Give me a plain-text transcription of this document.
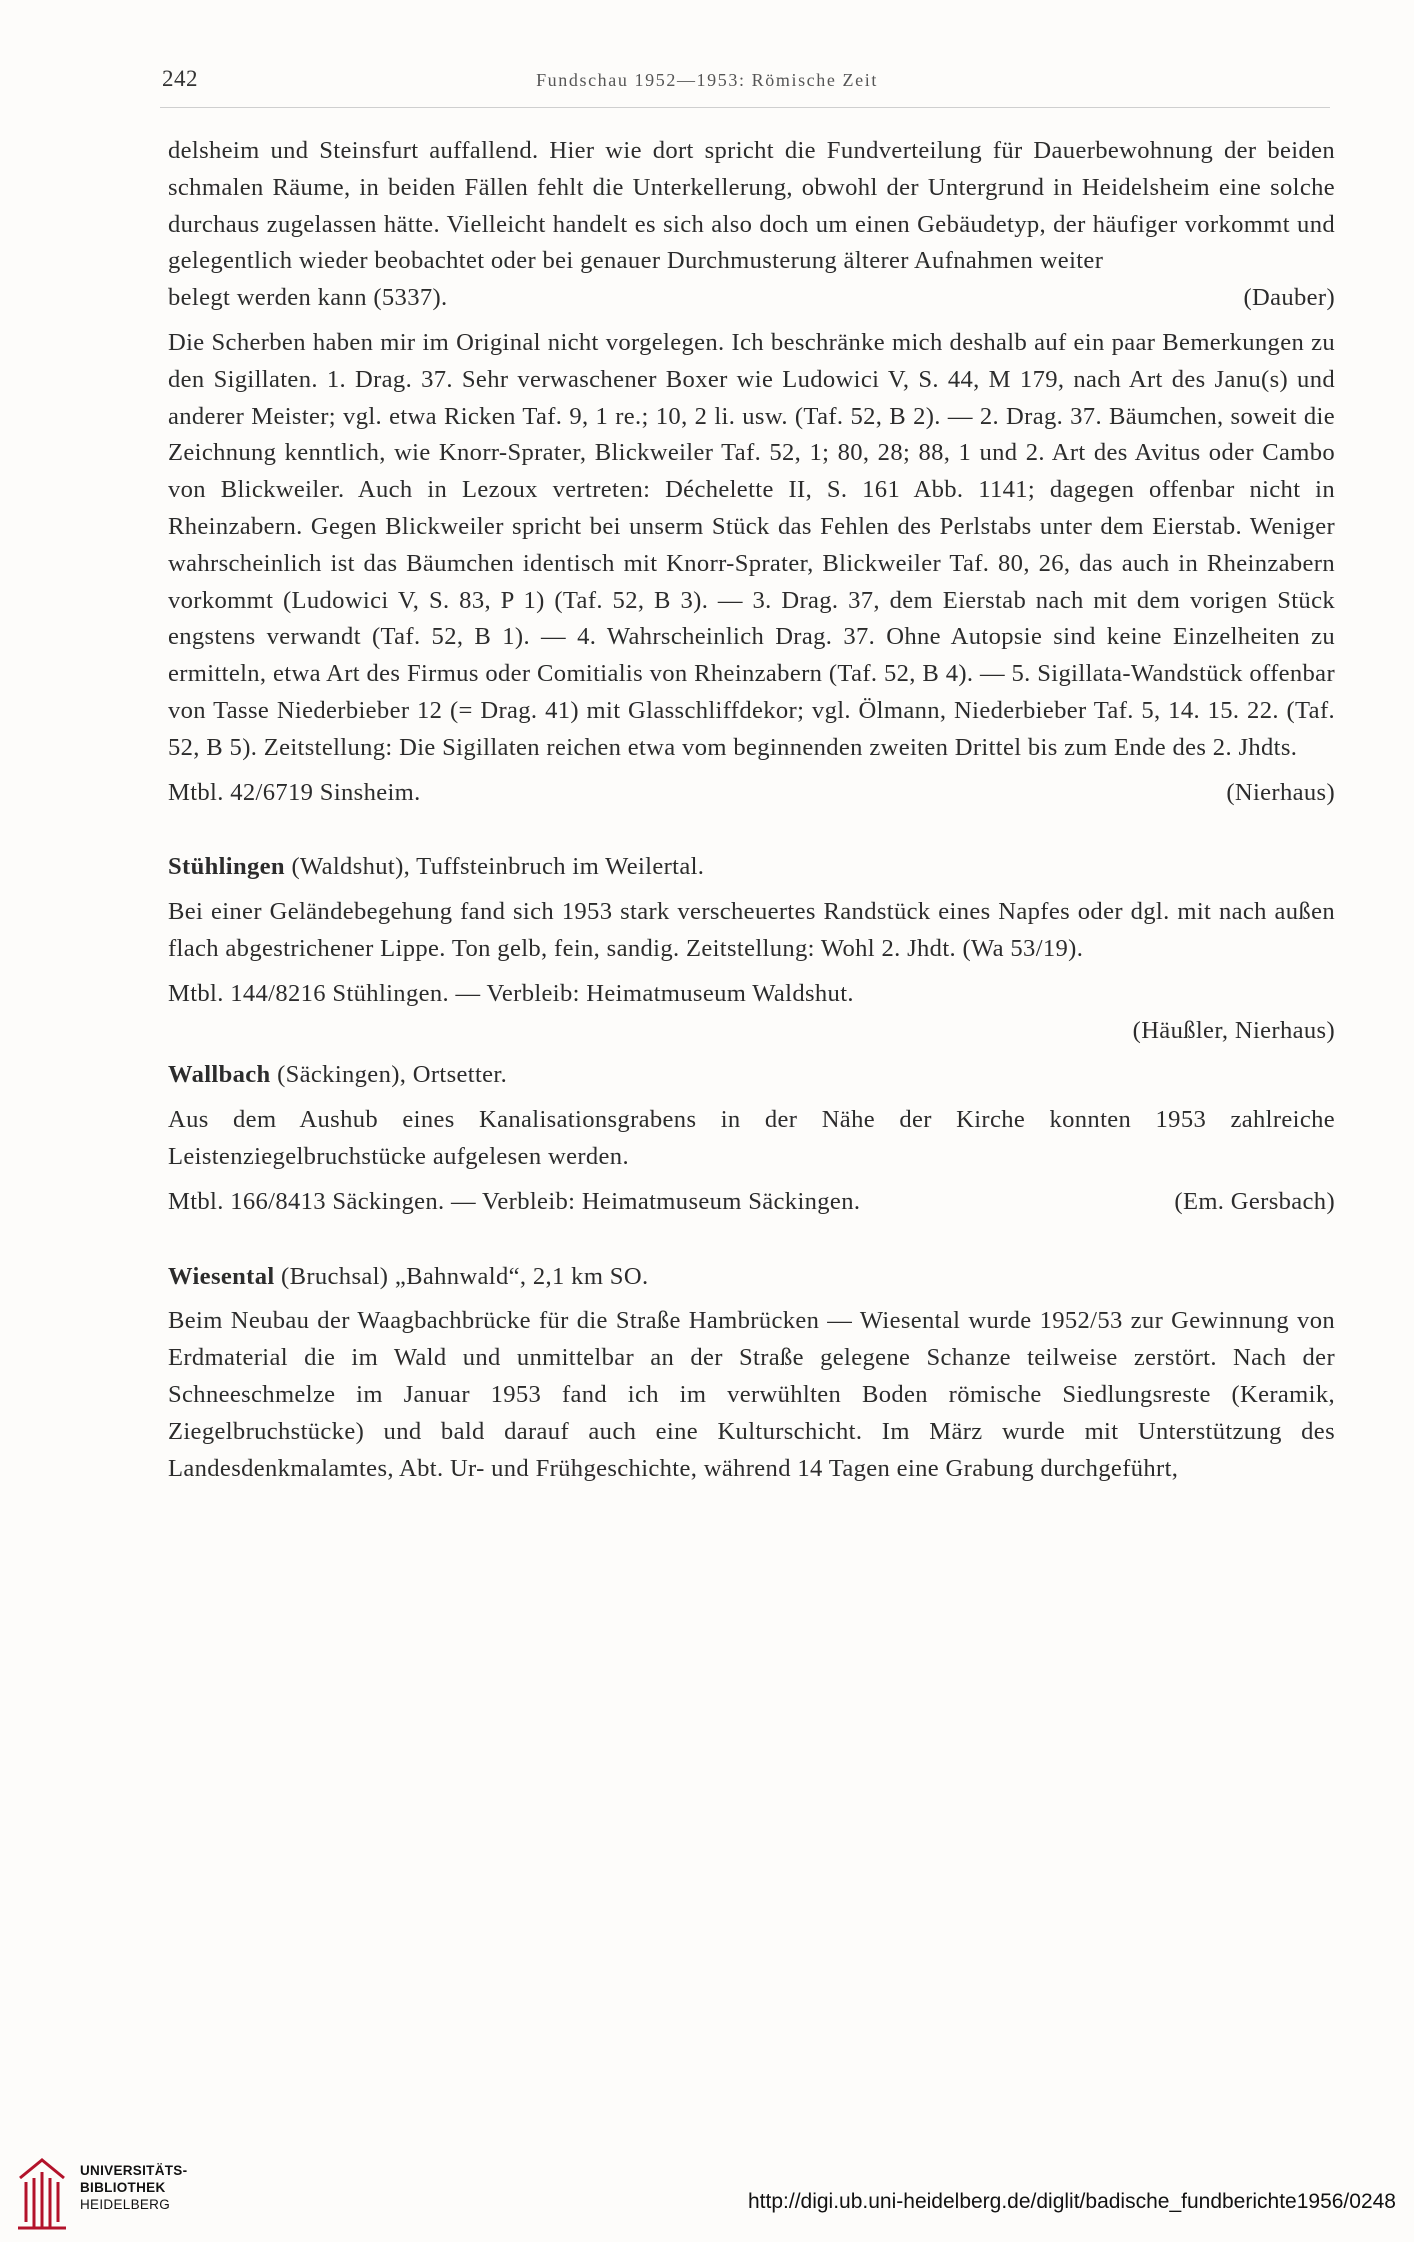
242	Fundschau 1952—1953: Römische Zeit

delsheim und Steinsfurt auffallend. Hier wie dort spricht die Fundverteilung für Dauerbewohnung der beiden schmalen Räume, in beiden Fällen fehlt die Unterkellerung, obwohl der Untergrund in Heidelsheim eine solche durchaus zugelassen hätte. Vielleicht handelt es sich also doch um einen Gebäudetyp, der häufiger vorkommt und gelegentlich wieder beobachtet oder bei genauer Durchmusterung älterer Aufnahmen weiter

belegt werden kann (5337).	(Dauber)

Die Scherben haben mir im Original nicht vorgelegen. Ich beschränke mich deshalb auf ein paar Bemerkungen zu den Sigillaten. 1. Drag. 37. Sehr verwaschener Boxer wie Ludowici V, S. 44, M 179, nach Art des Janu(s) und anderer Meister; vgl. etwa Ricken Taf. 9, 1 re.; 10, 2 li. usw. (Taf. 52, B 2). — 2. Drag. 37. Bäumchen, soweit die Zeichnung kenntlich, wie Knorr-Sprater, Blickweiler Taf. 52, 1; 80, 28; 88, 1 und 2. Art des Avitus oder Cambo von Blickweiler. Auch in Lezoux vertreten: Déchelette II, S. 161 Abb. 1141; dagegen offenbar nicht in Rheinzabern. Gegen Blickweiler spricht bei unserm Stück das Fehlen des Perlstabs unter dem Eierstab. Weniger wahrscheinlich ist das Bäumchen identisch mit Knorr-Sprater, Blickweiler Taf. 80, 26, das auch in Rheinzabern vorkommt (Ludowici V, S. 83, P 1) (Taf. 52, B 3). — 3. Drag. 37, dem Eierstab nach mit dem vorigen Stück engstens verwandt (Taf. 52, B 1). — 4. Wahrscheinlich Drag. 37. Ohne Autopsie sind keine Einzelheiten zu ermitteln, etwa Art des Firmus oder Comitialis von Rheinzabern (Taf. 52, B 4). — 5. Sigillata-Wandstück offenbar von Tasse Niederbieber 12 (= Drag. 41) mit Glasschliffdekor; vgl. Ölmann, Niederbieber Taf. 5, 14. 15. 22. (Taf. 52, B 5). Zeitstellung: Die Sigillaten reichen etwa vom beginnenden zweiten Drittel bis zum Ende des 2. Jhdts.

Mtbl. 42/6719 Sinsheim.	(Nierhaus)

Stühlingen (Waldshut), Tuffsteinbruch im Weilertal.

Bei einer Geländebegehung fand sich 1953 stark verscheuertes Randstück eines Napfes oder dgl. mit nach außen flach abgestrichener Lippe. Ton gelb, fein, sandig. Zeitstellung: Wohl 2. Jhdt. (Wa 53/19).

Mtbl. 144/8216 Stühlingen. — Verbleib: Heimatmuseum Waldshut.

(Häußler, Nierhaus)

Wallbach (Säckingen), Ortsetter.

Aus dem Aushub eines Kanalisationsgrabens in der Nähe der Kirche konnten 1953 zahlreiche Leistenziegelbruchstücke aufgelesen werden.

Mtbl. 166/8413 Säckingen. — Verbleib: Heimatmuseum Säckingen.	(Em. Gersbach)

Wiesental (Bruchsal) „Bahnwald“, 2,1 km SO.

Beim Neubau der Waagbachbrücke für die Straße Hambrücken — Wiesental wurde 1952/53 zur Gewinnung von Erdmaterial die im Wald und unmittelbar an der Straße gelegene Schanze teilweise zerstört. Nach der Schneeschmelze im Januar 1953 fand ich im verwühlten Boden römische Siedlungsreste (Keramik, Ziegelbruchstücke) und bald darauf auch eine Kulturschicht. Im März wurde mit Unterstützung des Landesdenkmalamtes, Abt. Ur- und Frühgeschichte, während 14 Tagen eine Grabung durchgeführt,

UNIVERSITÄTS-
BIBLIOTHEK
HEIDELBERG	http://digi.ub.uni-heidelberg.de/diglit/badische_fundberichte1956/0248
